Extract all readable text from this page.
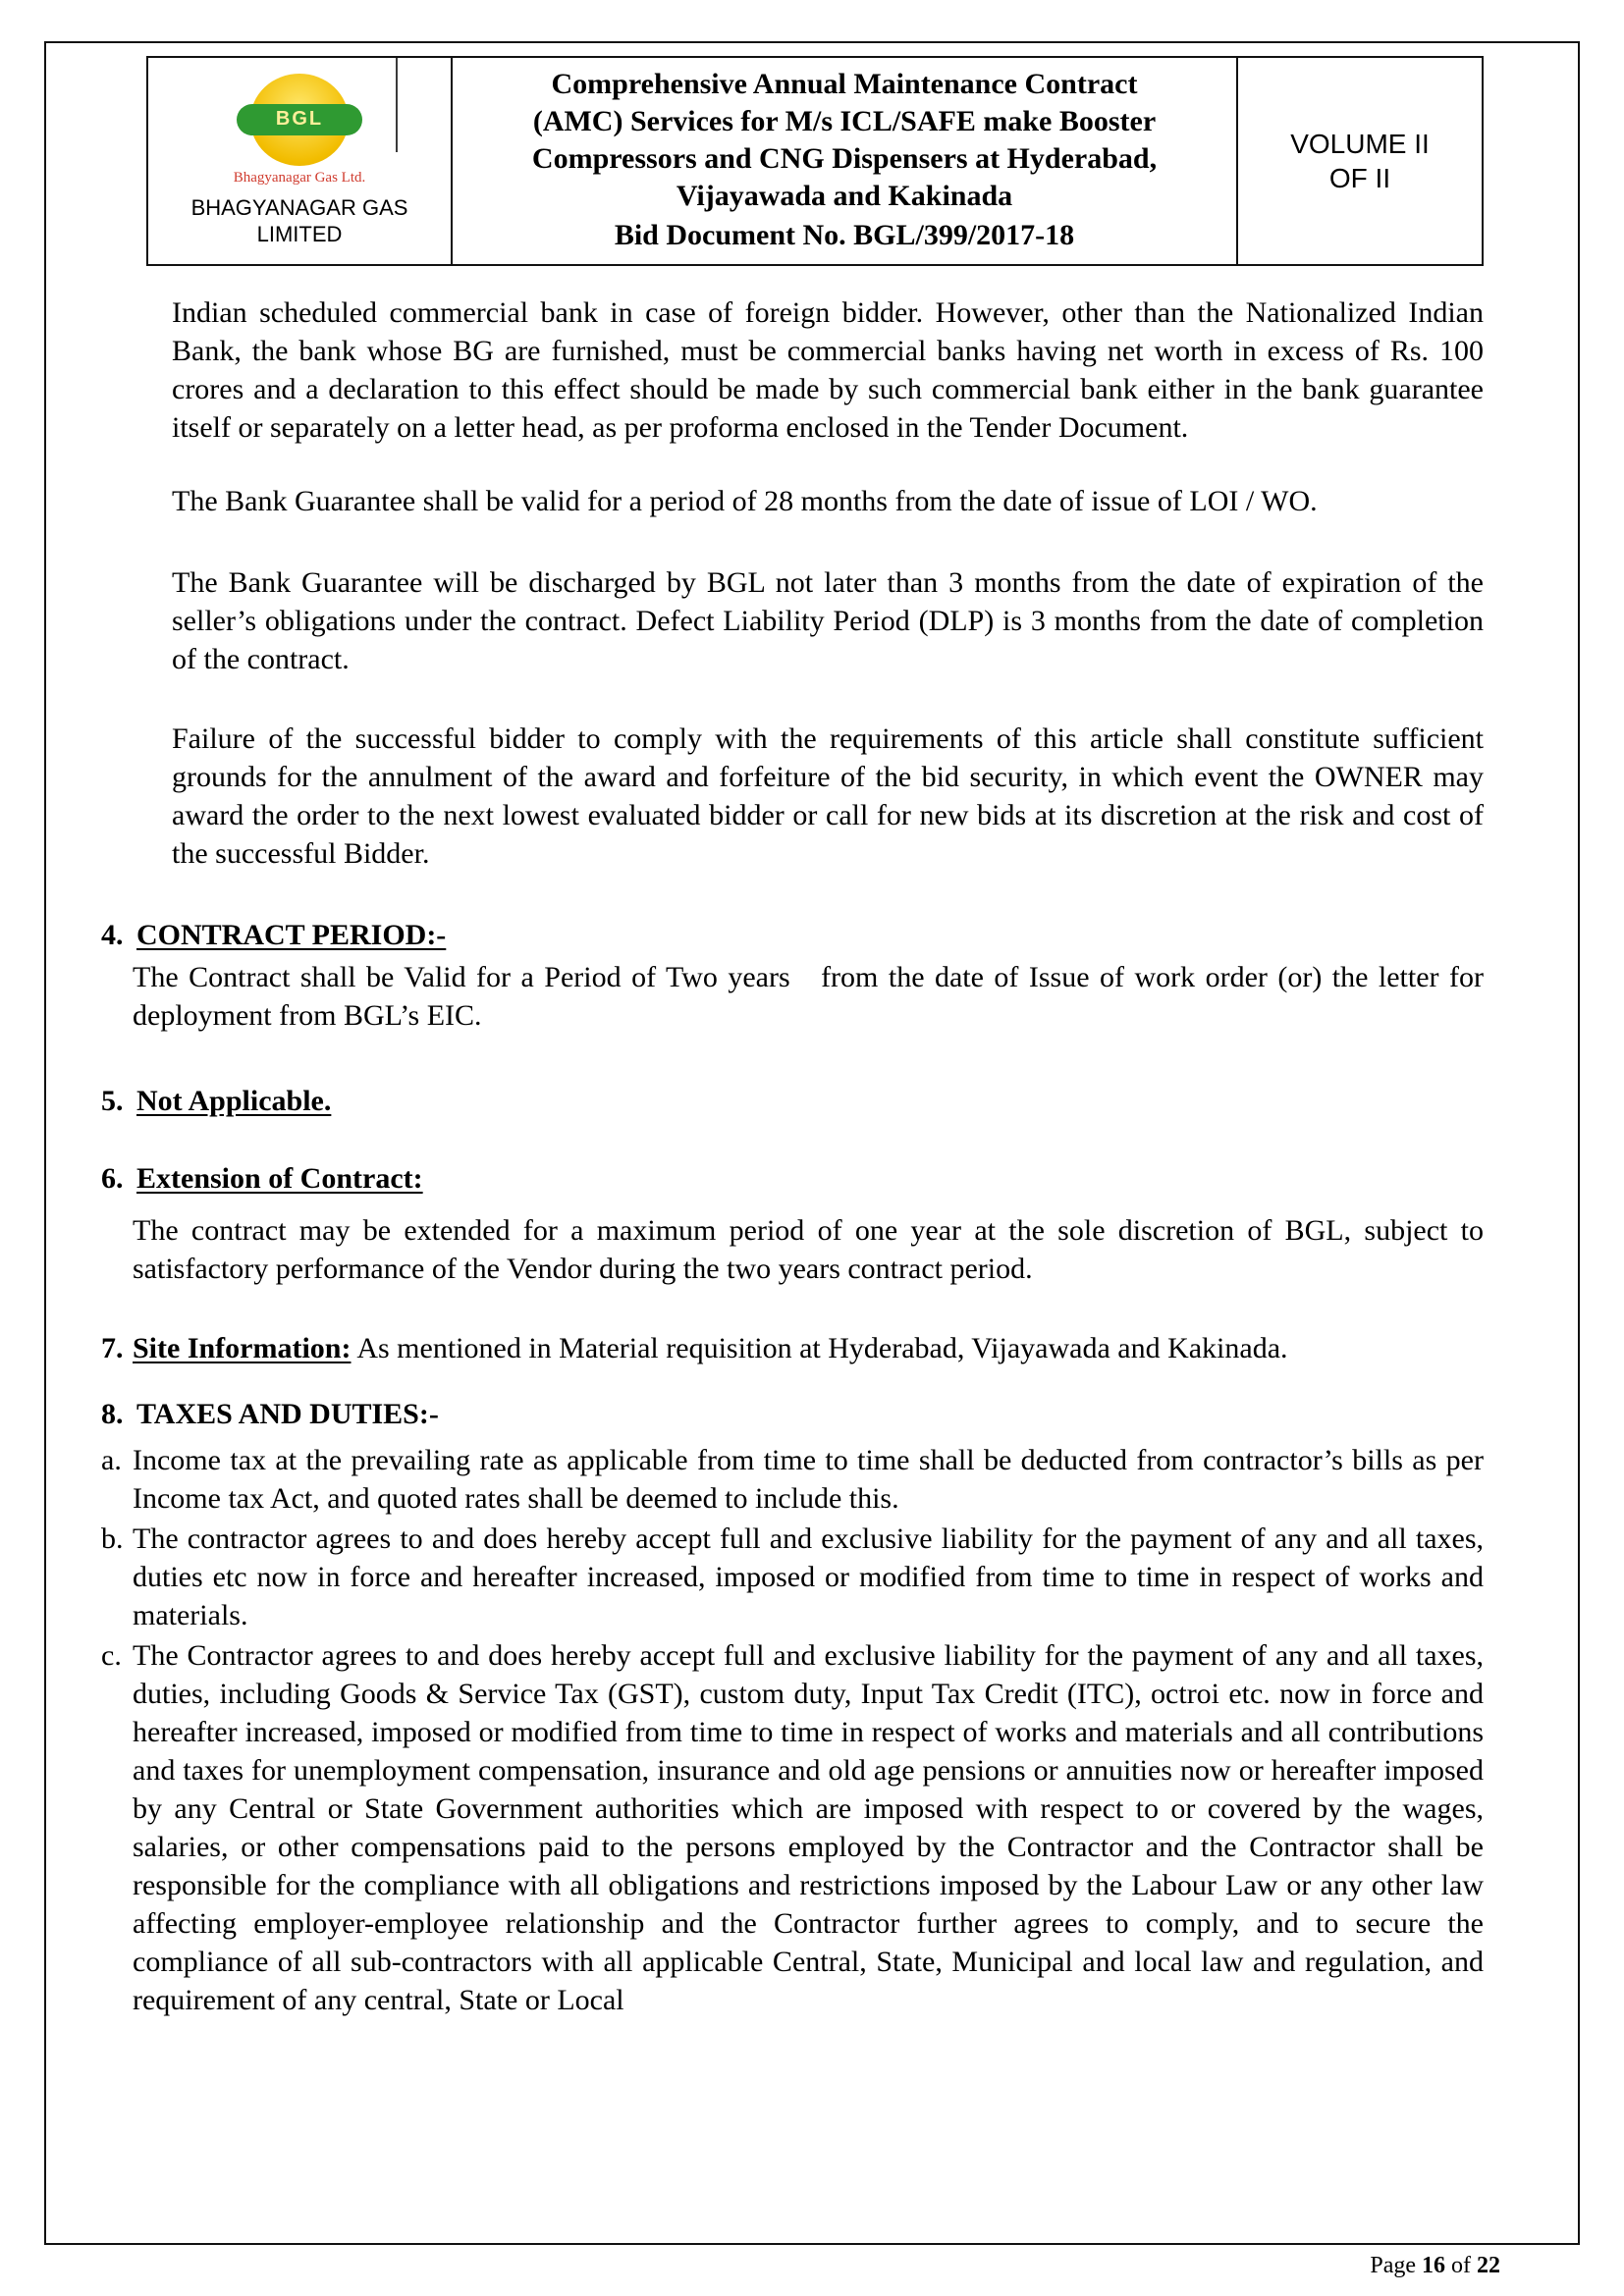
BGL
Bhagyanagar Gas Ltd.
BHAGYANAGAR GAS LIMITED

Comprehensive Annual Maintenance Contract
(AMC) Services for M/s ICL/SAFE make Booster
Compressors and CNG Dispensers at Hyderabad,
Vijayawada and Kakinada
Bid Document No. BGL/399/2017-18

VOLUME II
OF II

Indian scheduled commercial bank in case of foreign bidder. However, other than the Nationalized Indian Bank, the bank whose BG are furnished, must be commercial banks having net worth in excess of Rs. 100 crores and a declaration to this effect should be made by such commercial bank either in the bank guarantee itself or separately on a letter head, as per proforma enclosed in the Tender Document.

The Bank Guarantee shall be valid for a period of 28 months from the date of issue of LOI / WO.

The Bank Guarantee will be discharged by BGL not later than 3 months from the date of expiration of the seller’s obligations under the contract. Defect Liability Period (DLP) is 3 months from the date of completion of the contract.

Failure of the successful bidder to comply with the requirements of this article shall constitute sufficient grounds for the annulment of the award and forfeiture of the bid security, in which event the OWNER may award the order to the next lowest evaluated bidder or call for new bids at its discretion at the risk and cost of the successful Bidder.

4. CONTRACT PERIOD:-

The Contract shall be Valid for a Period of Two years   from the date of Issue of work order (or) the letter for deployment from BGL’s EIC.

5. Not Applicable.
6. Extension of Contract:

The contract may be extended for a maximum period of one year at the sole discretion of BGL, subject to satisfactory performance of the Vendor during the two years contract period.

7. Site Information: As mentioned in Material requisition at Hyderabad, Vijayawada and Kakinada.
8. TAXES AND DUTIES:-
a. Income tax at the prevailing rate as applicable from time to time shall be deducted from contractor’s bills as per Income tax Act, and quoted rates shall be deemed to include this.
b. The contractor agrees to and does hereby accept full and exclusive liability for the payment of any and all taxes, duties etc now in force and hereafter increased, imposed or modified from time to time in respect of works and materials.
c. The Contractor agrees to and does hereby accept full and exclusive liability for the payment of any and all taxes, duties, including Goods & Service Tax (GST), custom duty, Input Tax Credit (ITC), octroi etc. now in force and hereafter increased, imposed or modified from time to time in respect of works and materials and all contributions and taxes for unemployment compensation, insurance and old age pensions or annuities now or hereafter imposed by any Central or State Government authorities which are imposed with respect to or covered by the wages, salaries, or other compensations paid to the persons employed by the Contractor and the Contractor shall be responsible for the compliance with all obligations and restrictions imposed by the Labour Law or any other law affecting employer-employee relationship and the Contractor further agrees to comply, and to secure the compliance of all sub-contractors with all applicable Central, State, Municipal and local law and regulation, and requirement of any central, State or Local
Page 16 of 22
